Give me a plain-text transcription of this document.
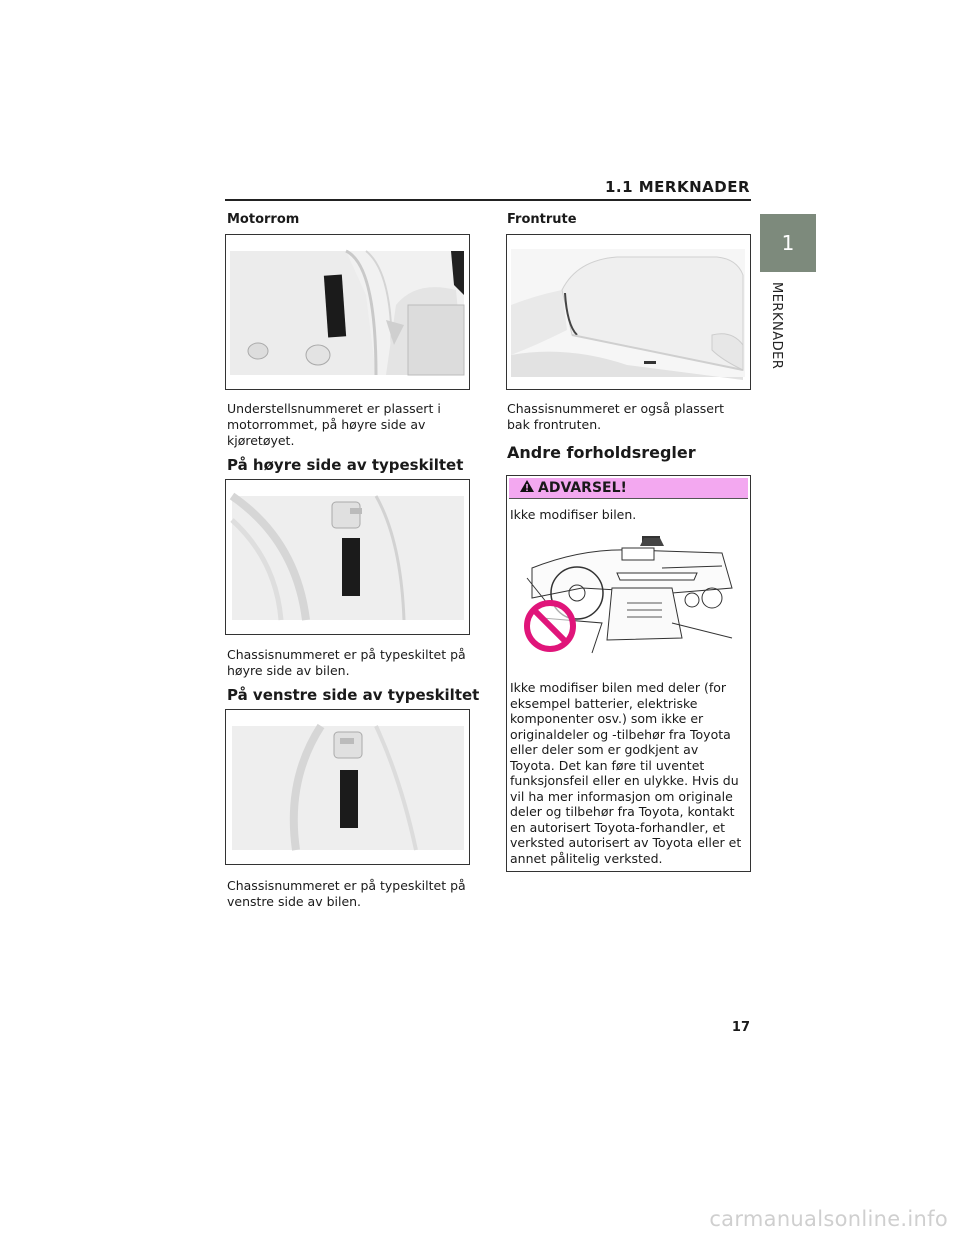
1.1 MERKNADER
1
MERKNADER
Motorrom
Understellsnummeret er plassert i motorrommet, på høyre side av kjøretøyet.
Frontrute
Chassisnummeret er også plassert bak frontruten.
Andre forholdsregler
På høyre side av typeskiltet
Chassisnummeret er på typeskiltet på høyre side av bilen.
På venstre side av typeskiltet
Chassisnummeret er på typeskiltet på venstre side av bilen.
ADVARSEL!
Ikke modifiser bilen.
Ikke modifiser bilen med deler (for eksempel batterier, elektriske komponenter osv.) som ikke er originaldeler og -tilbehør fra Toyota eller deler som er godkjent av Toyota. Det kan føre til uventet funksjonsfeil eller en ulykke. Hvis du vil ha mer informasjon om originale deler og tilbehør fra Toyota, kontakt en autorisert Toyota-forhandler, et verksted autorisert av Toyota eller et annet pålitelig verksted.
17
carmanualsonline.info
